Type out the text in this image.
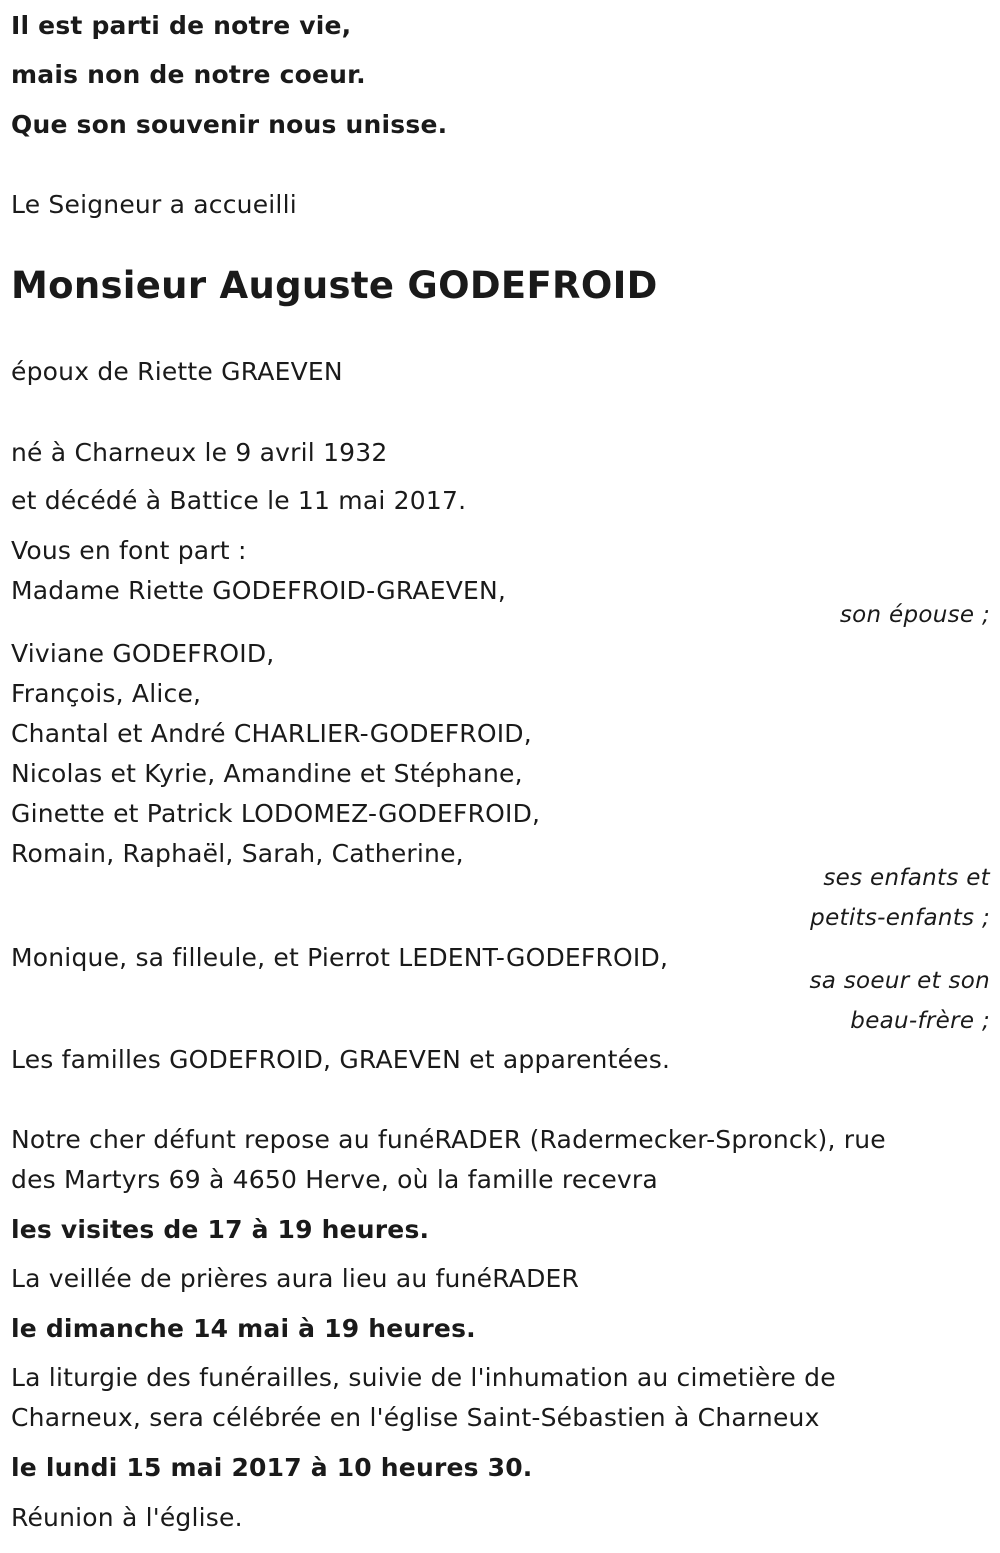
Il est parti de notre vie,
mais non de notre coeur.
Que son souvenir nous unisse.
Le Seigneur a accueilli
Monsieur Auguste GODEFROID
époux de Riette GRAEVEN
né à Charneux le 9 avril 1932
et décédé à Battice le 11 mai 2017.
Vous en font part :
Madame Riette GODEFROID-GRAEVEN,
son épouse ;
Viviane GODEFROID,
François, Alice,
Chantal et André CHARLIER-GODEFROID,
Nicolas et Kyrie, Amandine et Stéphane,
Ginette et Patrick LODOMEZ-GODEFROID,
Romain, Raphaël, Sarah, Catherine,
ses enfants et
petits-enfants ;
Monique, sa filleule, et Pierrot LEDENT-GODEFROID,
sa soeur et son
beau-frère ;
Les familles GODEFROID, GRAEVEN et apparentées.
Notre cher défunt repose au funéRADER (Radermecker-Spronck), rue
des Martyrs 69 à 4650 Herve, où la famille recevra
les visites de 17 à 19 heures.
La veillée de prières aura lieu au funéRADER
le dimanche 14 mai à 19 heures.
La liturgie des funérailles, suivie de l'inhumation au cimetière de
Charneux, sera célébrée en l'église Saint-Sébastien à Charneux
le lundi 15 mai 2017 à 10 heures 30.
Réunion à l'église.
